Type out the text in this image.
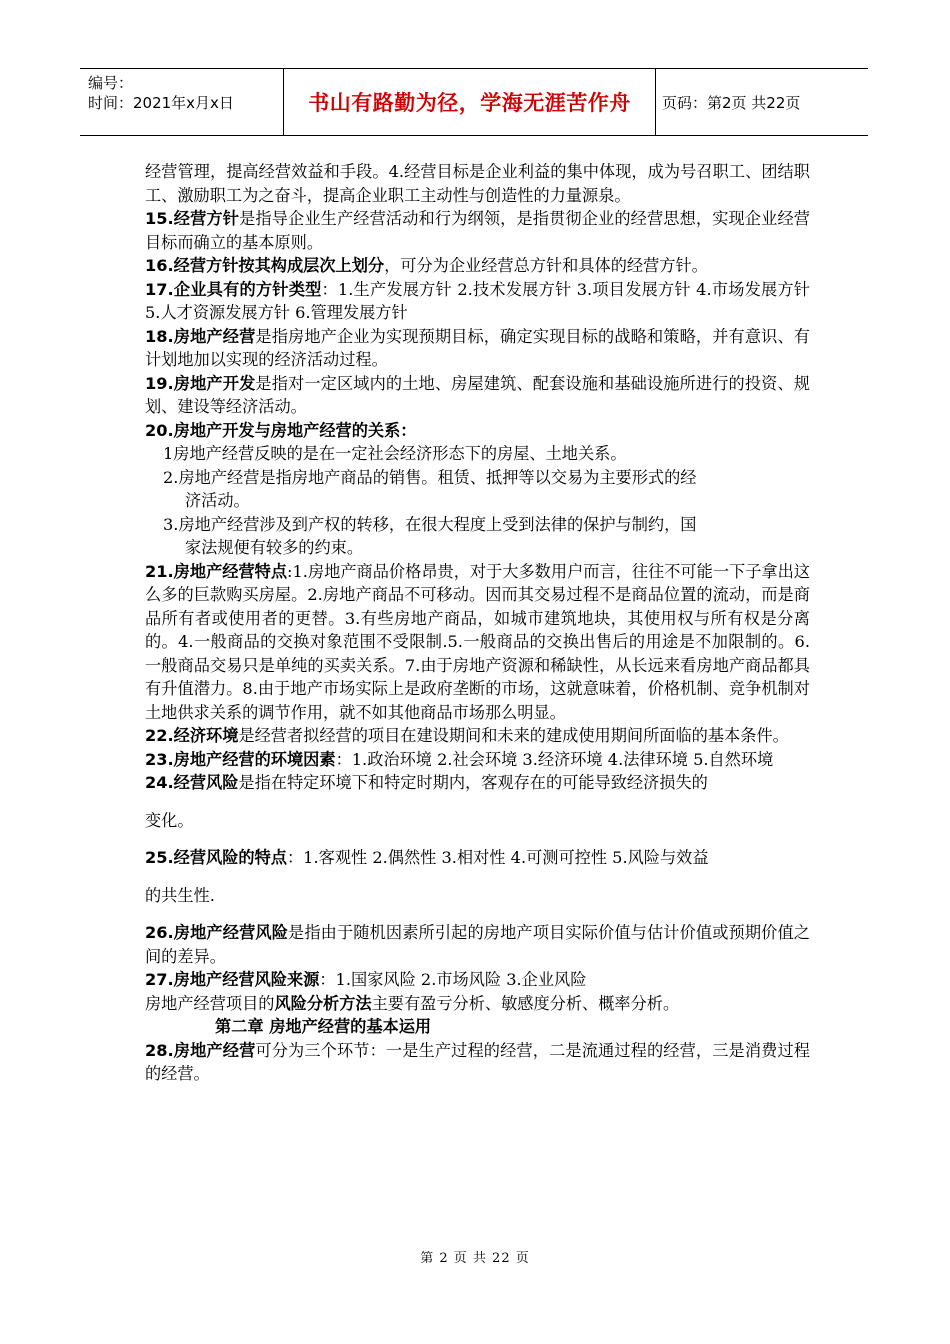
编号：
时间：2021年x月x日	书山有路勤为径，学海无涯苦作舟	页码：第2页 共22页

经营管理，提高经营效益和手段。4.经营目标是企业利益的集中体现，成为号召职工、团结职工、激励职工为之奋斗，提高企业职工主动性与创造性的力量源泉。

15.经营方针是指导企业生产经营活动和行为纲领，是指贯彻企业的经营思想，实现企业经营目标而确立的基本原则。

16.经营方针按其构成层次上划分，可分为企业经营总方针和具体的经营方针。

17.企业具有的方针类型：1.生产发展方针 2.技术发展方针 3.项目发展方针 4.市场发展方针 5.人才资源发展方针 6.管理发展方针

18.房地产经营是指房地产企业为实现预期目标，确定实现目标的战略和策略，并有意识、有计划地加以实现的经济活动过程。

19.房地产开发是指对一定区域内的土地、房屋建筑、配套设施和基础设施所进行的投资、规划、建设等经济活动。

20.房地产开发与房地产经营的关系：

1房地产经营反映的是在一定社会经济形态下的房屋、土地关系。

2.房地产经营是指房地产商品的销售。租赁、抵押等以交易为主要形式的经
济活动。

3.房地产经营涉及到产权的转移，在很大程度上受到法律的保护与制约，国
家法规便有较多的约束。

21.房地产经营特点:1.房地产商品价格昂贵，对于大多数用户而言，往往不可能一下子拿出这么多的巨款购买房屋。2.房地产商品不可移动。因而其交易过程不是商品位置的流动，而是商品所有者或使用者的更替。3.有些房地产商品，如城市建筑地块，其使用权与所有权是分离的。4.一般商品的交换对象范围不受限制.5.一般商品的交换出售后的用途是不加限制的。6.一般商品交易只是单纯的买卖关系。7.由于房地产资源和稀缺性，从长远来看房地产商品都具有升值潜力。8.由于地产市场实际上是政府垄断的市场，这就意味着，价格机制、竞争机制对土地供求关系的调节作用，就不如其他商品市场那么明显。

22.经济环境是经营者拟经营的项目在建设期间和未来的建成使用期间所面临的基本条件。

23.房地产经营的环境因素：1.政治环境 2.社会环境 3.经济环境 4.法律环境 5.自然环境

24.经营风险是指在特定环境下和特定时期内，客观存在的可能导致经济损失的

变化。

25.经营风险的特点：1.客观性 2.偶然性 3.相对性 4.可测可控性 5.风险与效益

的共生性.

26.房地产经营风险是指由于随机因素所引起的房地产项目实际价值与估计价值或预期价值之间的差异。

27.房地产经营风险来源：1.国家风险 2.市场风险 3.企业风险

房地产经营项目的风险分析方法主要有盈亏分析、敏感度分析、概率分析。

第二章 房地产经营的基本运用

28.房地产经营可分为三个环节：一是生产过程的经营，二是流通过程的经营，三是消费过程的经营。

第 2 页 共 22 页
